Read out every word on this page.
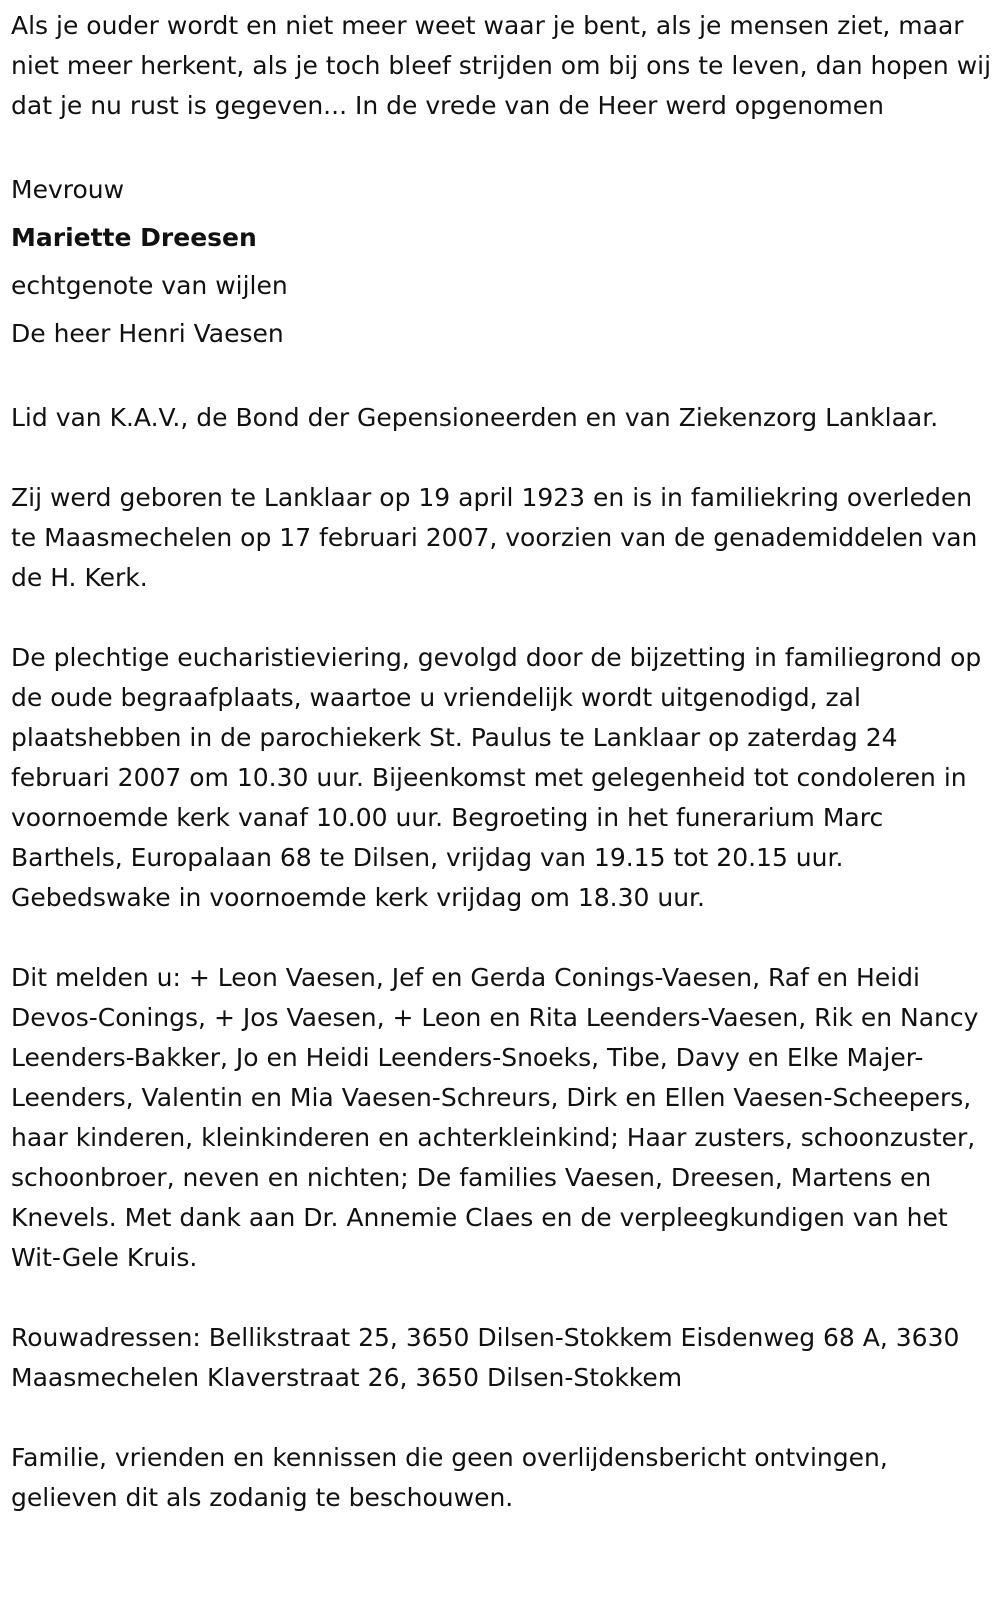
Als je ouder wordt en niet meer weet waar je bent, als je mensen ziet, maar niet meer herkent, als je toch bleef strijden om bij ons te leven, dan hopen wij dat je nu rust is gegeven... In de vrede van de Heer werd opgenomen

Mevrouw

Mariette Dreesen

echtgenote van wijlen

De heer Henri Vaesen

Lid van K.A.V., de Bond der Gepensioneerden en van Ziekenzorg Lanklaar.

Zij werd geboren te Lanklaar op 19 april 1923 en is in familiekring overleden te Maasmechelen op 17 februari 2007, voorzien van de genademiddelen van de H. Kerk.

De plechtige eucharistieviering, gevolgd door de bijzetting in familiegrond op de oude begraafplaats, waartoe u vriendelijk wordt uitgenodigd, zal plaatshebben in de parochiekerk St. Paulus te Lanklaar op zaterdag 24 februari 2007 om 10.30 uur. Bijeenkomst met gelegenheid tot condoleren in voornoemde kerk vanaf 10.00 uur. Begroeting in het funerarium Marc Barthels, Europalaan 68 te Dilsen, vrijdag van 19.15 tot 20.15 uur. Gebedswake in voornoemde kerk vrijdag om 18.30 uur.

Dit melden u: + Leon Vaesen, Jef en Gerda Conings-Vaesen, Raf en Heidi Devos-Conings, + Jos Vaesen, + Leon en Rita Leenders-Vaesen, Rik en Nancy Leenders-Bakker, Jo en Heidi Leenders-Snoeks, Tibe, Davy en Elke Majer-Leenders, Valentin en Mia Vaesen-Schreurs, Dirk en Ellen Vaesen-Scheepers, haar kinderen, kleinkinderen en achterkleinkind; Haar zusters, schoonzuster, schoonbroer, neven en nichten; De families Vaesen, Dreesen, Martens en Knevels. Met dank aan Dr. Annemie Claes en de verpleegkundigen van het Wit-Gele Kruis.

Rouwadressen: Bellikstraat 25, 3650 Dilsen-Stokkem Eisdenweg 68 A, 3630 Maasmechelen Klaverstraat 26, 3650 Dilsen-Stokkem

Familie, vrienden en kennissen die geen overlijdensbericht ontvingen, gelieven dit als zodanig te beschouwen.
